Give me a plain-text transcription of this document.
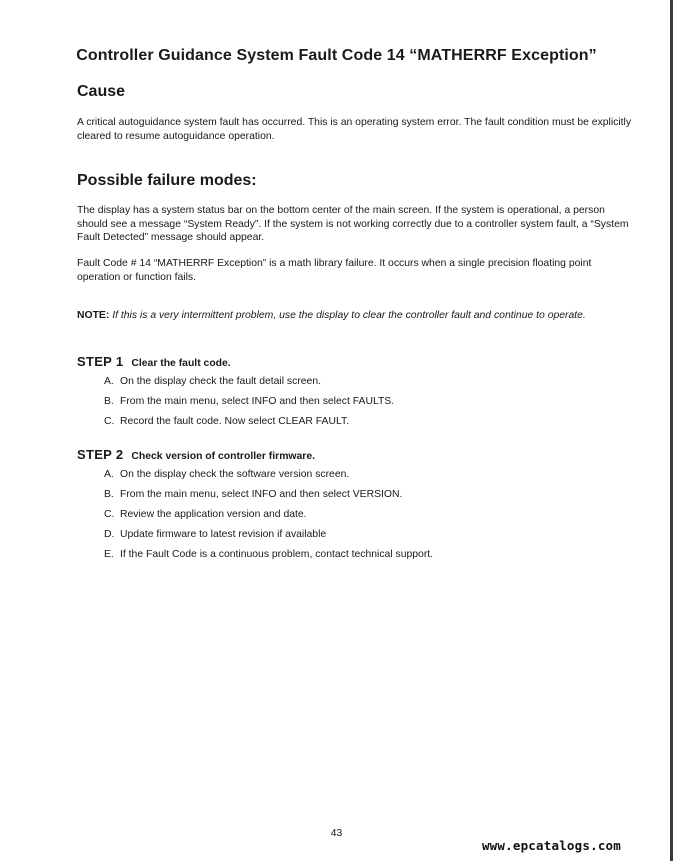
Controller Guidance System Fault Code 14 “MATHERRF Exception”
Cause

A critical autoguidance system fault has occurred. This is an operating system error. The fault condition must be explicitly cleared to resume autoguidance operation.

Possible failure modes:

The display has a system status bar on the bottom center of the main screen. If the system is operational, a person should see a message “System Ready”. If the system is not working correctly due to a controller system fault, a “System Fault Detected” message should appear.

Fault Code # 14 “MATHERRF Exception” is a math library failure. It occurs when a single precision floating point operation or function fails.

NOTE: If this is a very intermittent problem, use the display to clear the controller fault and continue to operate.
STEP 1 Clear the fault code.
A. On the display check the fault detail screen.
B. From the main menu, select INFO and then select FAULTS.
C. Record the fault code. Now select CLEAR FAULT.
STEP 2 Check version of controller firmware.
A. On the display check the software version screen.
B. From the main menu, select INFO and then select VERSION.
C. Review the application version and date.
D. Update firmware to latest revision if available
E. If the Fault Code is a continuous problem, contact technical support.
43
www.epcatalogs.com
